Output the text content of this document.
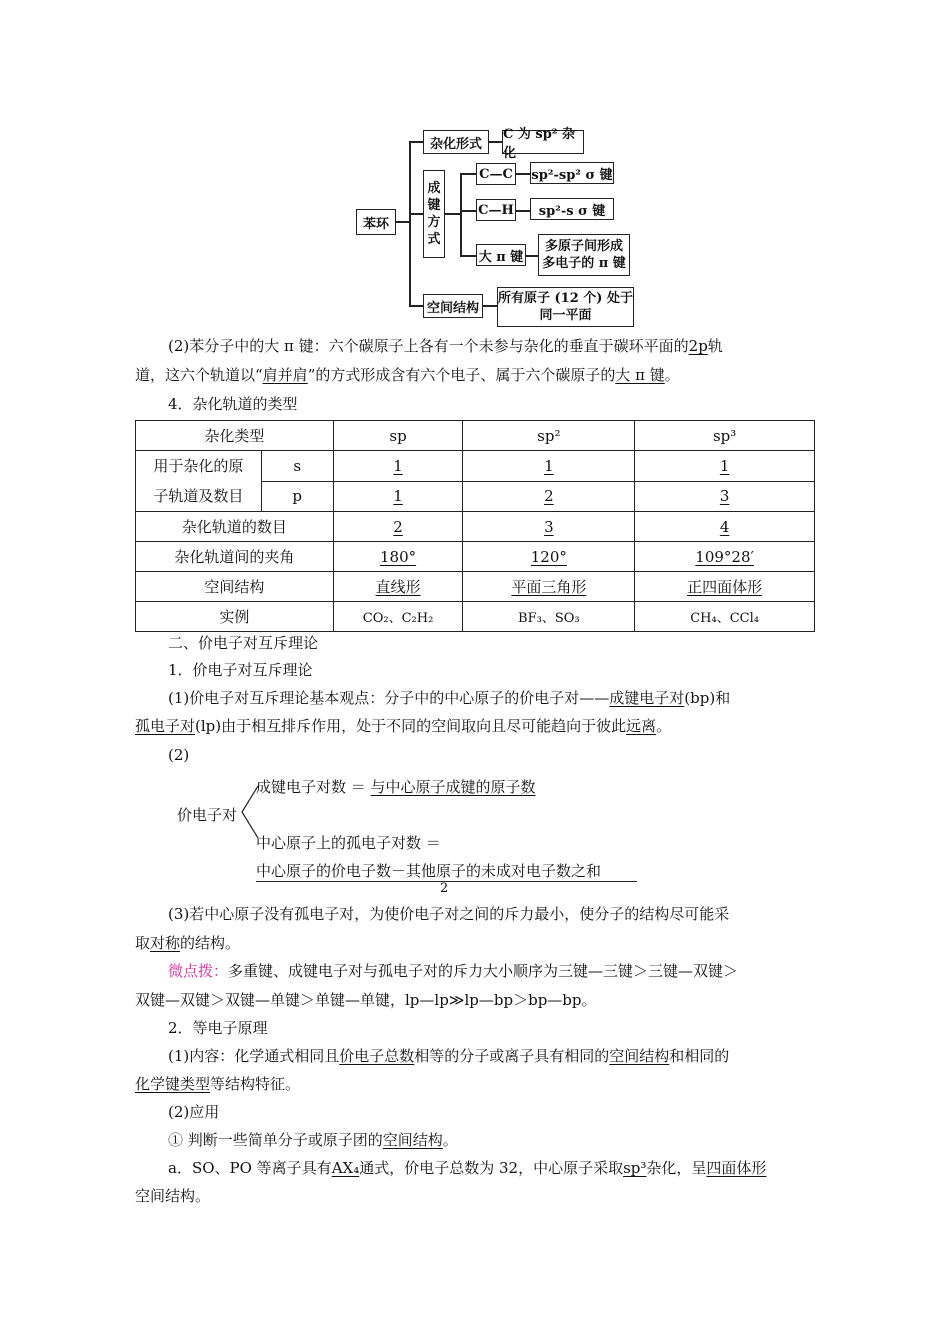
苯环
杂化形式
C 为 sp² 杂化
成
键
方
式
C—C sp²-sp² σ 键
C—H	sp²-s σ 键
大 π 键
多原子间形成
多电子的 π 键
空间结构
所有原子 (12 个) 处于
同一平面
(2)苯分子中的大 π 键：六个碳原子上各有一个未参与杂化的垂直于碳环平面的2p轨
道，这六个轨道以“肩并肩”的方式形成含有六个电子、属于六个碳原子的大 π 键。
4．杂化轨道的类型
杂化类型		sp	sp²	sp³
用于杂化的原
子轨道及数目	s	1	1	1
	p	1	2	3
杂化轨道的数目		2	3	4
杂化轨道间的夹角		180°	120°	109°28′
空间结构		直线形	平面三角形	正四面体形
实例		CO₂、C₂H₂	BF₃、SO₃	CH₄、CCl₄
二、价电子对互斥理论
1．价电子对互斥理论
(1)价电子对互斥理论基本观点：分子中的中心原子的价电子对——成键电子对(bp)和
孤电子对(lp)由于相互排斥作用，处于不同的空间取向且尽可能趋向于彼此远离。
(2)
价电子对
成键电子对数 ＝ 与中心原子成键的原子数
中心原子上的孤电子对数 ＝
中心原子的价电子数－其他原子的未成对电子数之和
2
(3)若中心原子没有孤电子对，为使价电子对之间的斥力最小，使分子的结构尽可能采
取对称的结构。
微点拨：多重键、成键电子对与孤电子对的斥力大小顺序为三键—三键＞三键—双键＞
双键—双键＞双键—单键＞单键—单键，lp—lp≫lp—bp＞bp—bp。
2．等电子原理
(1)内容：化学通式相同且价电子总数相等的分子或离子具有相同的空间结构和相同的
化学键类型等结构特征。
(2)应用
① 判断一些简单分子或原子团的空间结构。
a．SO、PO 等离子具有AX₄通式，价电子总数为 32，中心原子采取sp³杂化，呈四面体形
空间结构。
